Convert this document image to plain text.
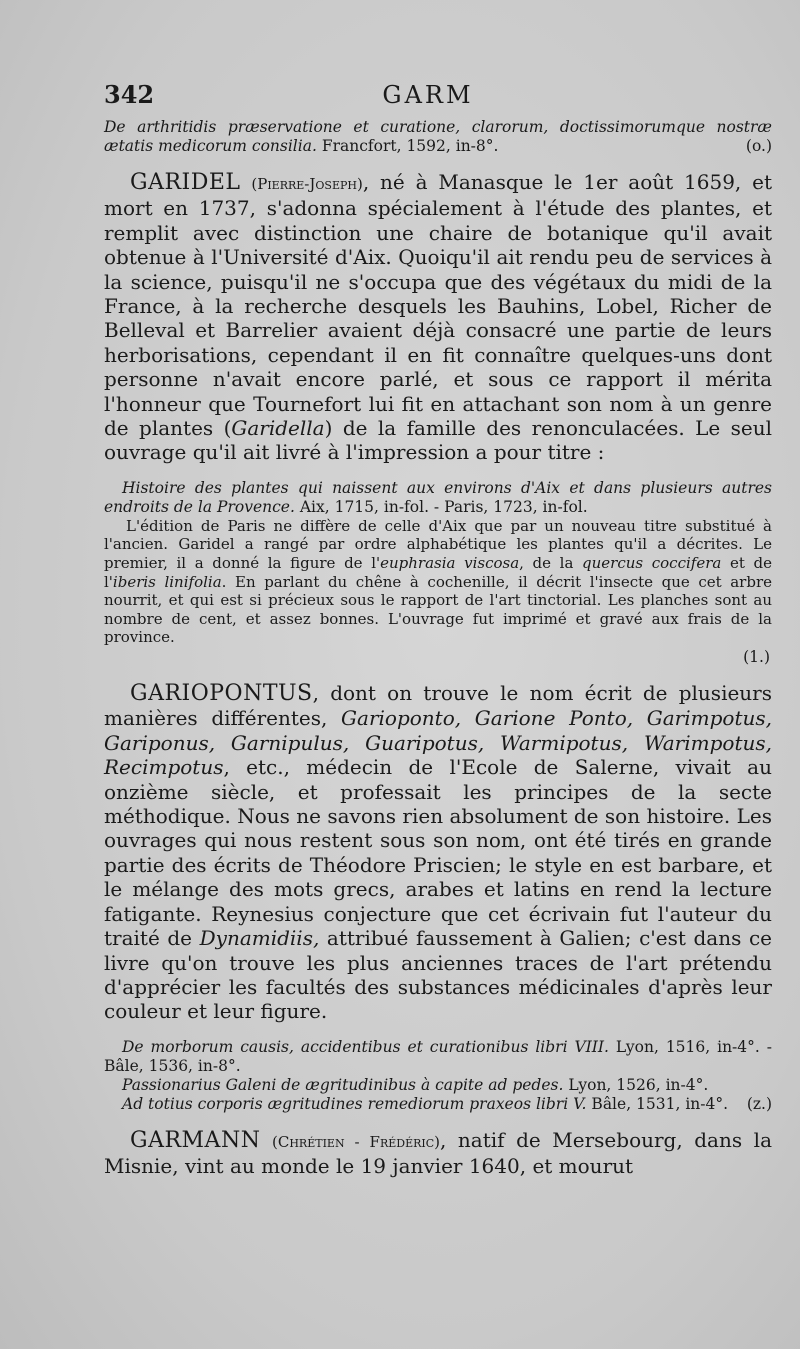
342	GARM

De arthritidis præservatione et curatione, clarorum, doctissimorumque nostræ ætatis medicorum consilia. Francfort, 1592, in-8°.	(o.)

GARIDEL (Pierre-Joseph), né à Manasque le 1er août 1659, et mort en 1737, s'adonna spécialement à l'étude des plantes, et remplit avec distinction une chaire de botanique qu'il avait obtenue à l'Université d'Aix. Quoiqu'il ait rendu peu de services à la science, puisqu'il ne s'occupa que des végétaux du midi de la France, à la recherche desquels les Bauhins, Lobel, Richer de Belleval et Barrelier avaient déjà consacré une partie de leurs herborisations, cependant il en fit connaître quelques-uns dont personne n'avait encore parlé, et sous ce rapport il mérita l'honneur que Tournefort lui fit en attachant son nom à un genre de plantes (Garidella) de la famille des renonculacées. Le seul ouvrage qu'il ait livré à l'impression a pour titre :

Histoire des plantes qui naissent aux environs d'Aix et dans plusieurs autres endroits de la Provence. Aix, 1715, in-fol. - Paris, 1723, in-fol.

L'édition de Paris ne diffère de celle d'Aix que par un nouveau titre substitué à l'ancien. Garidel a rangé par ordre alphabétique les plantes qu'il a décrites. Le premier, il a donné la figure de l'euphrasia viscosa, de la quercus coccifera et de l'iberis linifolia. En parlant du chêne à cochenille, il décrit l'insecte que cet arbre nourrit, et qui est si précieux sous le rapport de l'art tinctorial. Les planches sont au nombre de cent, et assez bonnes. L'ouvrage fut imprimé et gravé aux frais de la province.

(1.)

GARIOPONTUS, dont on trouve le nom écrit de plusieurs manières différentes, Garioponto, Garione Ponto, Garimpotus, Gariponus, Garnipulus, Guaripotus, Warmipotus, Warimpotus, Recimpotus, etc., médecin de l'Ecole de Salerne, vivait au onzième siècle, et professait les principes de la secte méthodique. Nous ne savons rien absolument de son histoire. Les ouvrages qui nous restent sous son nom, ont été tirés en grande partie des écrits de Théodore Priscien; le style en est barbare, et le mélange des mots grecs, arabes et latins en rend la lecture fatigante. Reynesius conjecture que cet écrivain fut l'auteur du traité de Dynamidiis, attribué faussement à Galien; c'est dans ce livre qu'on trouve les plus anciennes traces de l'art prétendu d'apprécier les facultés des substances médicinales d'après leur couleur et leur figure.

De morborum causis, accidentibus et curationibus libri VIII. Lyon, 1516, in-4°. - Bâle, 1536, in-8°.

Passionarius Galeni de ægritudinibus à capite ad pedes. Lyon, 1526, in-4°.

Ad totius corporis ægritudines remediorum praxeos libri V. Bâle, 1531, in-4°.	(z.)

GARMANN (Chrétien - Frédéric), natif de Mersebourg, dans la Misnie, vint au monde le 19 janvier 1640, et mourut
